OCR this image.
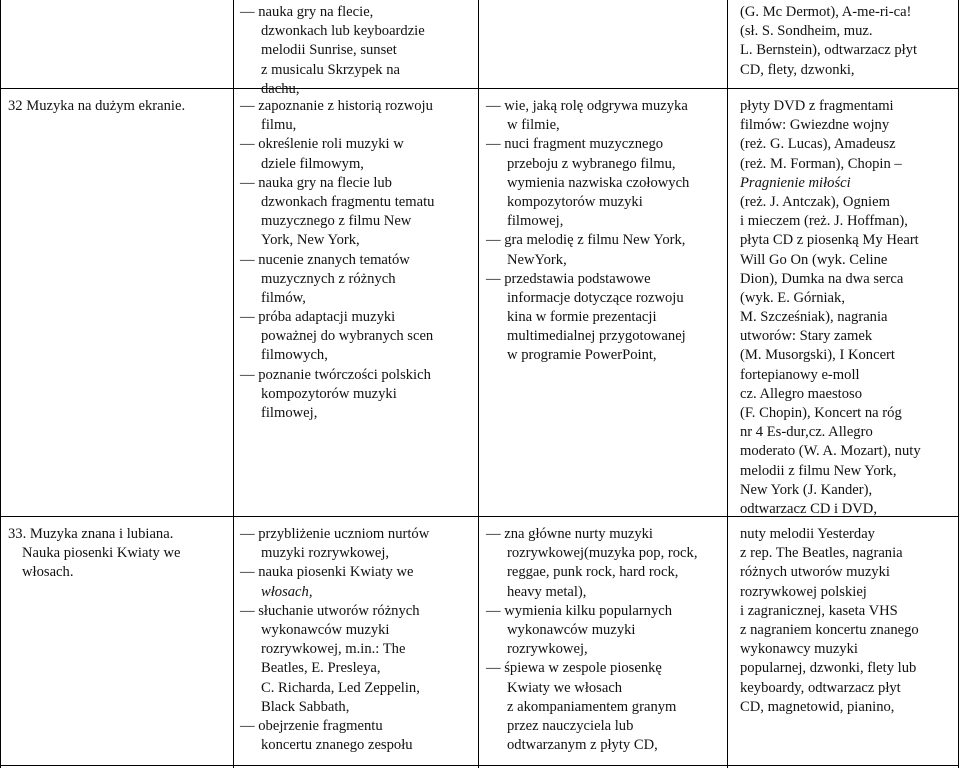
— nauka gry na flecie,
dzwonkach lub keyboardzie
melodii Sunrise, sunset
z musicalu Skrzypek na
dachu,
(G. Mc Dermot), A-me-ri-ca!
(sł. S. Sondheim, muz.
L. Bernstein), odtwarzacz płyt
CD, flety, dzwonki,
32 Muzyka na dużym ekranie.
—	zapoznanie z historią rozwoju
filmu,
— określenie roli muzyki w
dziele filmowym,
— nauka gry na flecie lub
dzwonkach fragmentu tematu
muzycznego z filmu New
York, New York,
— nucenie znanych tematów
muzycznych z różnych
filmów,
— próba adaptacji muzyki
poważnej do wybranych scen
filmowych,
— poznanie twórczości polskich
kompozytorów muzyki
filmowej,
— wie, jaką rolę odgrywa muzyka
w filmie,
— nuci fragment muzycznego
przeboju z wybranego filmu,
wymienia nazwiska czołowych
kompozytorów muzyki
filmowej,
— gra melodię z filmu New York,
NewYork,
— przedstawia podstawowe
informacje dotyczące rozwoju
kina w formie prezentacji
multimedialnej przygotowanej
w programie PowerPoint,
płyty DVD z fragmentami
filmów: Gwiezdne wojny
(reż. G. Lucas), Amadeusz
(reż. M. Forman), Chopin –
Pragnienie miłości
(reż. J. Antczak), Ogniem
i mieczem (reż. J. Hoffman),
płyta CD z piosenką My Heart
Will Go On (wyk. Celine
Dion), Dumka na dwa serca
(wyk. E. Górniak,
M. Szcześniak), nagrania
utworów: Stary zamek
(M. Musorgski), I Koncert
fortepianowy e-moll
cz. Allegro maestoso
(F. Chopin), Koncert na róg
nr 4 Es-dur,cz. Allegro
moderato (W. A. Mozart), nuty
melodii z filmu New York,
New York (J. Kander),
odtwarzacz CD i DVD,
33. Muzyka znana i lubiana.
Nauka piosenki Kwiaty we
włosach.
— przybliżenie uczniom nurtów
muzyki rozrywkowej,
— nauka piosenki Kwiaty we
włosach,
— słuchanie utworów różnych
wykonawców muzyki
rozrywkowej, m.in.: The
Beatles, E. Presleya,
C. Richarda, Led Zeppelin,
Black Sabbath,
— obejrzenie fragmentu
koncertu znanego zespołu
— zna główne nurty muzyki
rozrywkowej(muzyka pop, rock,
reggae, punk rock, hard rock,
heavy metal),
— wymienia kilku popularnych
wykonawców muzyki
rozrywkowej,
— śpiewa w zespole piosenkę
Kwiaty we włosach
z akompaniamentem granym
przez nauczyciela lub
odtwarzanym z płyty CD,
nuty melodii Yesterday
z rep. The Beatles, nagrania
różnych utworów muzyki
rozrywkowej polskiej
i zagranicznej, kaseta VHS
z nagraniem koncertu znanego
wykonawcy muzyki
popularnej, dzwonki, flety lub
keyboardy, odtwarzacz płyt
CD, magnetowid, pianino,
